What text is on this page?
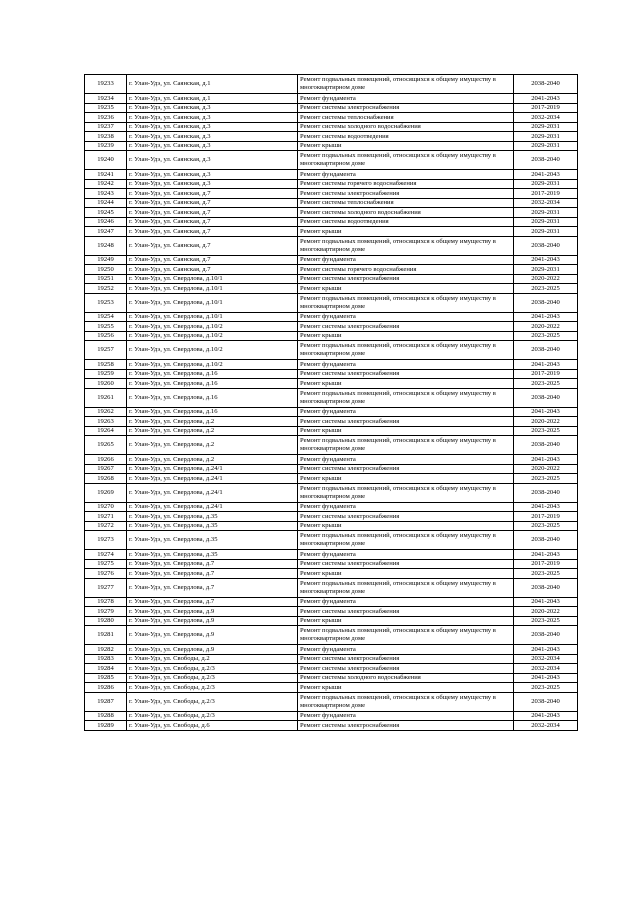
19233	г. Улан-Удэ, ул. Саянская, д.1	Ремонт подвальных помещений, относящихся к общему имуществу в многоквартирном доме	2038-2040
19234	г. Улан-Удэ, ул. Саянская, д.1	Ремонт фундамента	2041-2043
19235	г. Улан-Удэ, ул. Саянская, д.3	Ремонт системы электроснабжения	2017-2019
19236	г. Улан-Удэ, ул. Саянская, д.3	Ремонт системы теплоснабжения	2032-2034
19237	г. Улан-Удэ, ул. Саянская, д.3	Ремонт системы холодного водоснабжения	2029-2031
19238	г. Улан-Удэ, ул. Саянская, д.3	Ремонт системы водоотведения	2029-2031
19239	г. Улан-Удэ, ул. Саянская, д.3	Ремонт крыши	2029-2031
19240	г. Улан-Удэ, ул. Саянская, д.3	Ремонт подвальных помещений, относящихся к общему имуществу в многоквартирном доме	2038-2040
19241	г. Улан-Удэ, ул. Саянская, д.3	Ремонт фундамента	2041-2043
19242	г. Улан-Удэ, ул. Саянская, д.3	Ремонт системы горячего водоснабжения	2029-2031
19243	г. Улан-Удэ, ул. Саянская, д.7	Ремонт системы электроснабжения	2017-2019
19244	г. Улан-Удэ, ул. Саянская, д.7	Ремонт системы теплоснабжения	2032-2034
19245	г. Улан-Удэ, ул. Саянская, д.7	Ремонт системы холодного водоснабжения	2029-2031
19246	г. Улан-Удэ, ул. Саянская, д.7	Ремонт системы водоотведения	2029-2031
19247	г. Улан-Удэ, ул. Саянская, д.7	Ремонт крыши	2029-2031
19248	г. Улан-Удэ, ул. Саянская, д.7	Ремонт подвальных помещений, относящихся к общему имуществу в многоквартирном доме	2038-2040
19249	г. Улан-Удэ, ул. Саянская, д.7	Ремонт фундамента	2041-2043
19250	г. Улан-Удэ, ул. Саянская, д.7	Ремонт системы горячего водоснабжения	2029-2031
19251	г. Улан-Удэ, ул. Свердлова, д.10/1	Ремонт системы электроснабжения	2020-2022
19252	г. Улан-Удэ, ул. Свердлова, д.10/1	Ремонт крыши	2023-2025
19253	г. Улан-Удэ, ул. Свердлова, д.10/1	Ремонт подвальных помещений, относящихся к общему имуществу в многоквартирном доме	2038-2040
19254	г. Улан-Удэ, ул. Свердлова, д.10/1	Ремонт фундамента	2041-2043
19255	г. Улан-Удэ, ул. Свердлова, д.10/2	Ремонт системы электроснабжения	2020-2022
19256	г. Улан-Удэ, ул. Свердлова, д.10/2	Ремонт крыши	2023-2025
19257	г. Улан-Удэ, ул. Свердлова, д.10/2	Ремонт подвальных помещений, относящихся к общему имуществу в многоквартирном доме	2038-2040
19258	г. Улан-Удэ, ул. Свердлова, д.10/2	Ремонт фундамента	2041-2043
19259	г. Улан-Удэ, ул. Свердлова, д.16	Ремонт системы электроснабжения	2017-2019
19260	г. Улан-Удэ, ул. Свердлова, д.16	Ремонт крыши	2023-2025
19261	г. Улан-Удэ, ул. Свердлова, д.16	Ремонт подвальных помещений, относящихся к общему имуществу в многоквартирном доме	2038-2040
19262	г. Улан-Удэ, ул. Свердлова, д.16	Ремонт фундамента	2041-2043
19263	г. Улан-Удэ, ул. Свердлова, д.2	Ремонт системы электроснабжения	2020-2022
19264	г. Улан-Удэ, ул. Свердлова, д.2	Ремонт крыши	2023-2025
19265	г. Улан-Удэ, ул. Свердлова, д.2	Ремонт подвальных помещений, относящихся к общему имуществу в многоквартирном доме	2038-2040
19266	г. Улан-Удэ, ул. Свердлова, д.2	Ремонт фундамента	2041-2043
19267	г. Улан-Удэ, ул. Свердлова, д.24/1	Ремонт системы электроснабжения	2020-2022
19268	г. Улан-Удэ, ул. Свердлова, д.24/1	Ремонт крыши	2023-2025
19269	г. Улан-Удэ, ул. Свердлова, д.24/1	Ремонт подвальных помещений, относящихся к общему имуществу в многоквартирном доме	2038-2040
19270	г. Улан-Удэ, ул. Свердлова, д.24/1	Ремонт фундамента	2041-2043
19271	г. Улан-Удэ, ул. Свердлова, д.35	Ремонт системы электроснабжения	2017-2019
19272	г. Улан-Удэ, ул. Свердлова, д.35	Ремонт крыши	2023-2025
19273	г. Улан-Удэ, ул. Свердлова, д.35	Ремонт подвальных помещений, относящихся к общему имуществу в многоквартирном доме	2038-2040
19274	г. Улан-Удэ, ул. Свердлова, д.35	Ремонт фундамента	2041-2043
19275	г. Улан-Удэ, ул. Свердлова, д.7	Ремонт системы электроснабжения	2017-2019
19276	г. Улан-Удэ, ул. Свердлова, д.7	Ремонт крыши	2023-2025
19277	г. Улан-Удэ, ул. Свердлова, д.7	Ремонт подвальных помещений, относящихся к общему имуществу в многоквартирном доме	2038-2040
19278	г. Улан-Удэ, ул. Свердлова, д.7	Ремонт фундамента	2041-2043
19279	г. Улан-Удэ, ул. Свердлова, д.9	Ремонт системы электроснабжения	2020-2022
19280	г. Улан-Удэ, ул. Свердлова, д.9	Ремонт крыши	2023-2025
19281	г. Улан-Удэ, ул. Свердлова, д.9	Ремонт подвальных помещений, относящихся к общему имуществу в многоквартирном доме	2038-2040
19282	г. Улан-Удэ, ул. Свердлова, д.9	Ремонт фундамента	2041-2043
19283	г. Улан-Удэ, ул. Свободы, д.2	Ремонт системы электроснабжения	2032-2034
19284	г. Улан-Удэ, ул. Свободы, д.2/3	Ремонт системы электроснабжения	2032-2034
19285	г. Улан-Удэ, ул. Свободы, д.2/3	Ремонт системы холодного водоснабжения	2041-2043
19286	г. Улан-Удэ, ул. Свободы, д.2/3	Ремонт крыши	2023-2025
19287	г. Улан-Удэ, ул. Свободы, д.2/3	Ремонт подвальных помещений, относящихся к общему имуществу в многоквартирном доме	2038-2040
19288	г. Улан-Удэ, ул. Свободы, д.2/3	Ремонт фундамента	2041-2043
19289	г. Улан-Удэ, ул. Свободы, д.6	Ремонт системы электроснабжения	2032-2034
